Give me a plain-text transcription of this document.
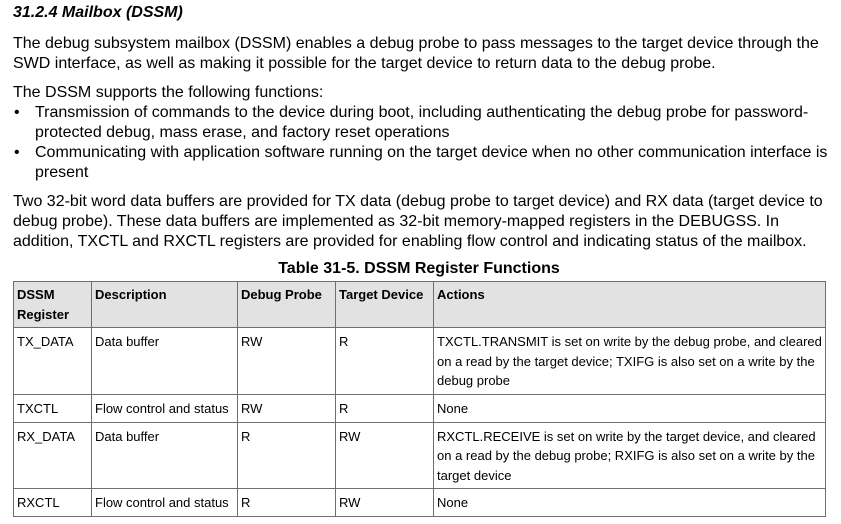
31.2.4 Mailbox (DSSM)

The debug subsystem mailbox (DSSM) enables a debug probe to pass messages to the target device through the SWD interface, as well as making it possible for the target device to return data to the debug probe.

The DSSM supports the following functions:

• Transmission of commands to the device during boot, including authenticating the debug probe for password-protected debug, mass erase, and factory reset operations
• Communicating with application software running on the target device when no other communication interface is present

Two 32-bit word data buffers are provided for TX data (debug probe to target device) and RX data (target device to debug probe). These data buffers are implemented as 32-bit memory-mapped registers in the DEBUGSS. In addition, TXCTL and RXCTL registers are provided for enabling flow control and indicating status of the mailbox.

Table 31-5. DSSM Register Functions
DSSM Register	Description	Debug Probe	Target Device	Actions
TX_DATA	Data buffer	RW	R	TXCTL.TRANSMIT is set on write by the debug probe, and cleared on a read by the target device; TXIFG is also set on a write by the debug probe
TXCTL	Flow control and status	RW	R	None
RX_DATA	Data buffer	R	RW	RXCTL.RECEIVE is set on write by the target device, and cleared on a read by the debug probe; RXIFG is also set on a write by the target device
RXCTL	Flow control and status	R	RW	None
